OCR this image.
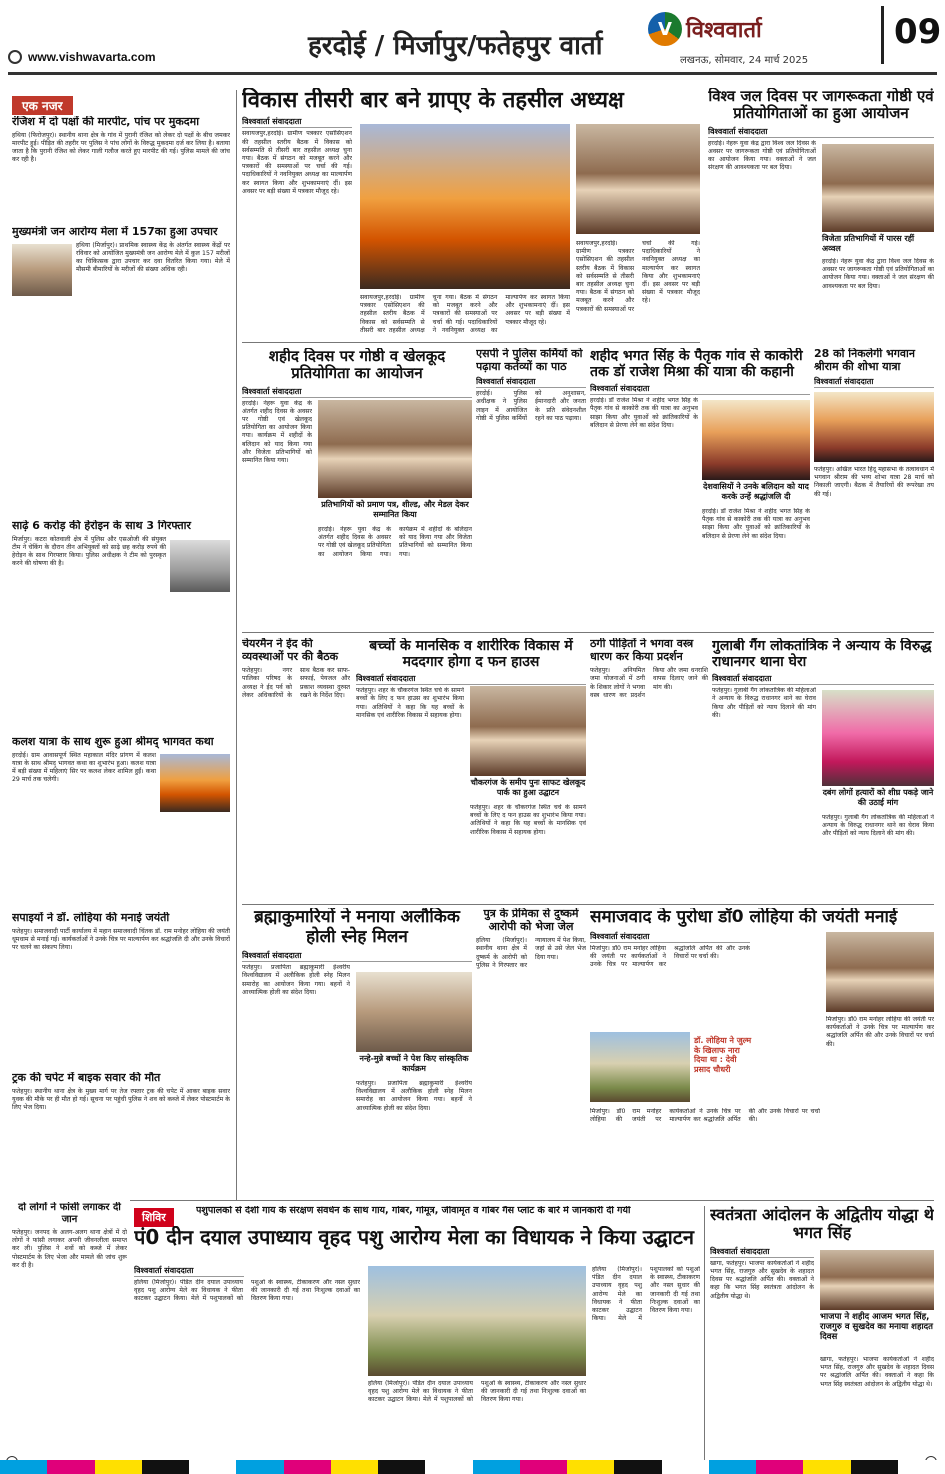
www.vishwavarta.com	हरदोई / मिर्जापुर/फतेहपुर वार्ता
V विश्ववार्ता
लखनऊ, सोमवार, 24 मार्च 2025
09
एक नजर
रंजिश में दो पक्षों की मारपीट, पांच पर मुकदमा
हथिया (फिरोजपुर)। स्थानीय थाना क्षेत्र के गांव में पुरानी रंजिश को लेकर दो पक्षों के बीच जमकर मारपीट हुई। पीड़ित की तहरीर पर पुलिस ने पांच लोगों के विरुद्ध मुकदमा दर्ज कर लिया है। बताया जाता है कि पुरानी रंजिश को लेकर गाली गलौज करते हुए मारपीट की गई। पुलिस मामले की जांच कर रही है।
मुख्यमंत्री जन आरोग्य मेला में 157का हुआ उपचार
हथिया (मिर्जापुर)। प्राथमिक स्वास्थ्य केंद्र के अंतर्गत स्वास्थ्य केंद्रों पर रविवार को आयोजित मुख्यमंत्री जन आरोग्य मेले में कुल 157 मरीजों का चिकित्सक द्वारा उपचार कर दवा वितरित किया गया। मेले में मौसमी बीमारियों के मरीजों की संख्या अधिक रही।
साढ़े 6 करोड़ की हेरोइन के साथ 3 गिरफ्तार
मिर्जापुर। कटरा कोतवाली क्षेत्र में पुलिस और एसओजी की संयुक्त टीम ने चेकिंग के दौरान तीन अभियुक्तों को साढ़े छह करोड़ रुपये की हेरोइन के साथ गिरफ्तार किया। पुलिस अधीक्षक ने टीम को पुरस्कृत करने की घोषणा की है।
कलश यात्रा के साथ शुरू हुआ श्रीमद् भागवत कथा
हरदोई। ग्राम आवासपूर्ण स्थित महाकाल मंदिर प्रांगण में कलश यात्रा के साथ श्रीमद् भागवत कथा का शुभारंभ हुआ। कलश यात्रा में बड़ी संख्या में महिलाएं सिर पर कलश लेकर शामिल हुईं। कथा 29 मार्च तक चलेगी।
सपाइयों ने डॉ. लोहिया की मनाई जयंती
फतेहपुर। समाजवादी पार्टी कार्यालय में महान समाजवादी चिंतक डॉ. राम मनोहर लोहिया की जयंती धूमधाम से मनाई गई। कार्यकर्ताओं ने उनके चित्र पर माल्यार्पण कर श्रद्धांजलि दी और उनके विचारों पर चलने का संकल्प लिया।
ट्रक की चपेट में बाइक सवार की मौत
फतेहपुर। स्थानीय थाना क्षेत्र के मुख्य मार्ग पर तेज रफ्तार ट्रक की चपेट में आकर बाइक सवार युवक की मौके पर ही मौत हो गई। सूचना पर पहुंची पुलिस ने शव को कब्जे में लेकर पोस्टमार्टम के लिए भेज दिया।
दो लोगों ने फांसी लगाकर दी जान
फतेहपुर। जनपद के अलग-अलग थाना क्षेत्रों में दो लोगों ने फांसी लगाकर अपनी जीवनलीला समाप्त कर ली। पुलिस ने शवों को कब्जे में लेकर पोस्टमार्टम के लिए भेजा और मामले की जांच शुरू कर दी है।
विकास तीसरी बार बने ग्राप्ए के तहसील अध्यक्ष
विश्ववार्ता संवाददाता
सवायजपुर,हरदोई। ग्रामीण पत्रकार एसोसिएशन की तहसील स्तरीय बैठक में विकास को सर्वसम्मति से तीसरी बार तहसील अध्यक्ष चुना गया। बैठक में संगठन को मजबूत करने और पत्रकारों की समस्याओं पर चर्चा की गई। पदाधिकारियों ने नवनियुक्त अध्यक्ष का माल्यार्पण कर स्वागत किया और शुभकामनाएं दीं। इस अवसर पर बड़ी संख्या में पत्रकार मौजूद रहे।
सवायजपुर,हरदोई। ग्रामीण पत्रकार एसोसिएशन की तहसील स्तरीय बैठक में विकास को सर्वसम्मति से तीसरी बार तहसील अध्यक्ष चुना गया। बैठक में संगठन को मजबूत करने और पत्रकारों की समस्याओं पर चर्चा की गई। पदाधिकारियों ने नवनियुक्त अध्यक्ष का माल्यार्पण कर स्वागत किया और शुभकामनाएं दीं। इस अवसर पर बड़ी संख्या में पत्रकार मौजूद रहे।
सवायजपुर,हरदोई। ग्रामीण पत्रकार एसोसिएशन की तहसील स्तरीय बैठक में विकास को सर्वसम्मति से तीसरी बार तहसील अध्यक्ष चुना गया। बैठक में संगठन को मजबूत करने और पत्रकारों की समस्याओं पर चर्चा की गई। पदाधिकारियों ने नवनियुक्त अध्यक्ष का माल्यार्पण कर स्वागत किया और शुभकामनाएं दीं। इस अवसर पर बड़ी संख्या में पत्रकार मौजूद रहे।
शहीद दिवस पर गोष्ठी व खेलकूद प्रतियोगिता का आयोजन
विश्ववार्ता संवाददाता
हरदोई। नेहरू युवा केंद्र के अंतर्गत शहीद दिवस के अवसर पर गोष्ठी एवं खेलकूद प्रतियोगिता का आयोजन किया गया। कार्यक्रम में शहीदों के बलिदान को याद किया गया और विजेता प्रतिभागियों को सम्मानित किया गया।
प्रतिभागियों को प्रमाण पत्र, शील्ड, और मेडल देकर सम्मानित किया
हरदोई। नेहरू युवा केंद्र के अंतर्गत शहीद दिवस के अवसर पर गोष्ठी एवं खेलकूद प्रतियोगिता का आयोजन किया गया। कार्यक्रम में शहीदों के बलिदान को याद किया गया और विजेता प्रतिभागियों को सम्मानित किया गया।
एसपी ने पुलिस कर्मियों को पढ़ाया कर्तव्यों का पाठ
विश्ववार्ता संवाददाता
हरदोई। पुलिस अधीक्षक ने पुलिस लाइन में आयोजित गोष्ठी में पुलिस कर्मियों को अनुशासन, ईमानदारी और जनता के प्रति संवेदनशील रहने का पाठ पढ़ाया।
शहीद भगत सिंह के पैतृक गांव से काकोरी तक डॉ राजेश मिश्रा की यात्रा की कहानी
विश्ववार्ता संवाददाता
हरदोई। डॉ राजेश मिश्रा ने शहीद भगत सिंह के पैतृक गांव से काकोरी तक की यात्रा का अनुभव साझा किया और युवाओं को क्रांतिकारियों के बलिदान से प्रेरणा लेने का संदेश दिया।
देशवासियों ने उनके बलिदान को याद करके उन्हें श्रद्धांजलि दी
हरदोई। डॉ राजेश मिश्रा ने शहीद भगत सिंह के पैतृक गांव से काकोरी तक की यात्रा का अनुभव साझा किया और युवाओं को क्रांतिकारियों के बलिदान से प्रेरणा लेने का संदेश दिया।
विश्व जल दिवस पर जागरूकता गोष्ठी एवं प्रतियोगिताओं का हुआ आयोजन
विश्ववार्ता संवाददाता
हरदोई। नेहरू युवा केंद्र द्वारा विश्व जल दिवस के अवसर पर जागरूकता गोष्ठी एवं प्रतियोगिताओं का आयोजन किया गया। वक्ताओं ने जल संरक्षण की आवश्यकता पर बल दिया।
विजेता प्रतिभागियों में पारस रहीं अव्वल
हरदोई। नेहरू युवा केंद्र द्वारा विश्व जल दिवस के अवसर पर जागरूकता गोष्ठी एवं प्रतियोगिताओं का आयोजन किया गया। वक्ताओं ने जल संरक्षण की आवश्यकता पर बल दिया।
28 को निकलेगी भगवान श्रीराम की शोभा यात्रा
विश्ववार्ता संवाददाता
फतेहपुर। अखिल भारत हिंदू महासभा के तत्वावधान में भगवान श्रीराम की भव्य शोभा यात्रा 28 मार्च को निकाली जाएगी। बैठक में तैयारियों की रूपरेखा तय की गई।
चेयरमैन ने ईद की व्यवस्थाओं पर की बैठक
फतेहपुर। नगर पालिका परिषद के अध्यक्ष ने ईद पर्व को लेकर अधिकारियों के साथ बैठक कर साफ-सफाई, पेयजल और प्रकाश व्यवस्था दुरुस्त रखने के निर्देश दिए।
बच्चों के मानसिक व शारीरिक विकास में मददगार होगा द फन हाउस
विश्ववार्ता संवाददाता
फतेहपुर। शहर के चौकरगंज स्थित चर्च के सामने बच्चों के लिए द फन हाउस का शुभारंभ किया गया। अतिथियों ने कहा कि यह बच्चों के मानसिक एवं शारीरिक विकास में सहायक होगा।
चौकरगंज के समीप पुनः साफट खेलकूद पार्क का हुआ उद्घाटन
फतेहपुर। शहर के चौकरगंज स्थित चर्च के सामने बच्चों के लिए द फन हाउस का शुभारंभ किया गया। अतिथियों ने कहा कि यह बच्चों के मानसिक एवं शारीरिक विकास में सहायक होगा।
ठगी पीड़ितों ने भगवा वस्त्र धारण कर किया प्रदर्शन
फतेहपुर। अनियमित जमा योजनाओं में ठगी के शिकार लोगों ने भगवा वस्त्र धारण कर प्रदर्शन किया और जमा धनराशि वापस दिलाए जाने की मांग की।
गुलाबी गैंग लोकतांत्रिक ने अन्याय के विरुद्ध राधानगर थाना घेरा
विश्ववार्ता संवाददाता
फतेहपुर। गुलाबी गैंग लोकतांत्रिक की महिलाओं ने अन्याय के विरुद्ध राधानगर थाने का घेराव किया और पीड़ितों को न्याय दिलाने की मांग की।
दबंग लोगों हत्यारों को शीघ्र पकड़े जाने की उठाई मांग
फतेहपुर। गुलाबी गैंग लोकतांत्रिक की महिलाओं ने अन्याय के विरुद्ध राधानगर थाने का घेराव किया और पीड़ितों को न्याय दिलाने की मांग की।
ब्रह्माकुमारियों ने मनाया अलौकिक होली स्नेह मिलन
विश्ववार्ता संवाददाता
फतेहपुर। प्रजापिता ब्रह्माकुमारी ईश्वरीय विश्वविद्यालय में अलौकिक होली स्नेह मिलन समारोह का आयोजन किया गया। बहनों ने आध्यात्मिक होली का संदेश दिया।
नन्हे-मुन्ने बच्चों ने पेश किए सांस्कृतिक कार्यक्रम
फतेहपुर। प्रजापिता ब्रह्माकुमारी ईश्वरीय विश्वविद्यालय में अलौकिक होली स्नेह मिलन समारोह का आयोजन किया गया। बहनों ने आध्यात्मिक होली का संदेश दिया।
पुत्र के प्रेमिका से दुष्कर्म आरोपी को भेजा जेल
हलिया (मिर्जापुर)। स्थानीय थाना क्षेत्र में दुष्कर्म के आरोपी को पुलिस ने गिरफ्तार कर न्यायालय में पेश किया, जहां से उसे जेल भेज दिया गया।
समाजवाद के पुरोधा डॉ0 लोहिया की जयंती मनाई
विश्ववार्ता संवाददाता
मिर्जापुर। डॉ0 राम मनोहर लोहिया की जयंती पर कार्यकर्ताओं ने उनके चित्र पर माल्यार्पण कर श्रद्धांजलि अर्पित की और उनके विचारों पर चर्चा की।
डॉ. लोहिया ने जुल्म के खिलाफ नारा दिया था : देवी प्रसाद चौधरी
मिर्जापुर। डॉ0 राम मनोहर लोहिया की जयंती पर कार्यकर्ताओं ने उनके चित्र पर माल्यार्पण कर श्रद्धांजलि अर्पित की और उनके विचारों पर चर्चा की।
मिर्जापुर। डॉ0 राम मनोहर लोहिया की जयंती पर कार्यकर्ताओं ने उनके चित्र पर माल्यार्पण कर श्रद्धांजलि अर्पित की और उनके विचारों पर चर्चा की।
शिविर
पशुपालकों से देशी गाय के संरक्षण संवर्धन के साथ गाय, गोबर, गोमूत्र, जीवामृत व गोबर गैस प्लांट के बारे में जानकारी दी गयी
पं0 दीन दयाल उपाध्याय वृहद पशु आरोग्य मेला का विधायक ने किया उद्घाटन
विश्ववार्ता संवाददाता
हलिया (मिर्जापुर)। पंडित दीन दयाल उपाध्याय वृहद पशु आरोग्य मेले का विधायक ने फीता काटकर उद्घाटन किया। मेले में पशुपालकों को पशुओं के स्वास्थ्य, टीकाकरण और नस्ल सुधार की जानकारी दी गई तथा निःशुल्क दवाओं का वितरण किया गया।
हलिया (मिर्जापुर)। पंडित दीन दयाल उपाध्याय वृहद पशु आरोग्य मेले का विधायक ने फीता काटकर उद्घाटन किया। मेले में पशुपालकों को पशुओं के स्वास्थ्य, टीकाकरण और नस्ल सुधार की जानकारी दी गई तथा निःशुल्क दवाओं का वितरण किया गया।
हलिया (मिर्जापुर)। पंडित दीन दयाल उपाध्याय वृहद पशु आरोग्य मेले का विधायक ने फीता काटकर उद्घाटन किया। मेले में पशुपालकों को पशुओं के स्वास्थ्य, टीकाकरण और नस्ल सुधार की जानकारी दी गई तथा निःशुल्क दवाओं का वितरण किया गया।
स्वतंत्रता आंदोलन के अद्वितीय योद्धा थे भगत सिंह
विश्ववार्ता संवाददाता
खागा, फतेहपुर। भाजपा कार्यकर्ताओं ने शहीद भगत सिंह, राजगुरु और सुखदेव के शहादत दिवस पर श्रद्धांजलि अर्पित की। वक्ताओं ने कहा कि भगत सिंह स्वतंत्रता आंदोलन के अद्वितीय योद्धा थे।
भाजपा ने शहीद आजम भगत सिंह, राजगुरु व सुखदेव का मनाया शहादत दिवस
खागा, फतेहपुर। भाजपा कार्यकर्ताओं ने शहीद भगत सिंह, राजगुरु और सुखदेव के शहादत दिवस पर श्रद्धांजलि अर्पित की। वक्ताओं ने कहा कि भगत सिंह स्वतंत्रता आंदोलन के अद्वितीय योद्धा थे।
